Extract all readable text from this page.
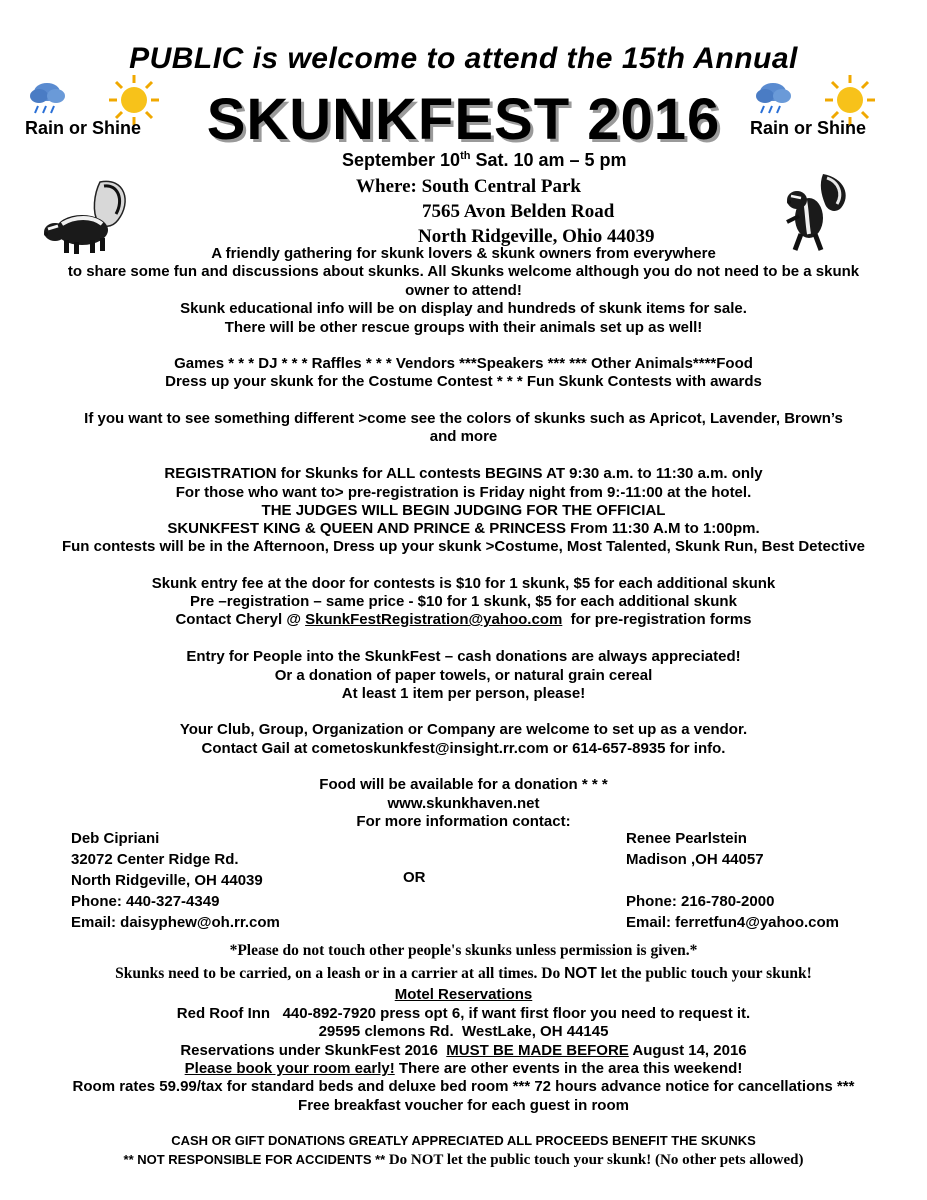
PUBLIC is welcome to attend the 15th Annual
SKUNKFEST 2016
Rain or Shine	Rain or Shine
September 10th Sat. 10 am – 5 pm
Where: South Central Park
7565 Avon Belden Road
North Ridgeville, Ohio 44039
A friendly gathering for skunk lovers & skunk owners from everywhere
to share some fun and discussions about skunks. All Skunks welcome although you do not need to be a skunk
owner to attend!
Skunk educational info will be on display and hundreds of skunk items for sale.
There will be other rescue groups with their animals set up as well!
Games * * * DJ * * * Raffles * * * Vendors ***Speakers *** *** Other Animals****Food
Dress up your skunk for the Costume Contest * * * Fun Skunk Contests with awards
If you want to see something different >come see the colors of skunks such as Apricot, Lavender, Brown’s
and more
REGISTRATION for Skunks for ALL contests BEGINS AT 9:30 a.m. to 11:30 a.m. only
For those who want to> pre-registration is Friday night from 9:-11:00 at the hotel.
THE JUDGES WILL BEGIN JUDGING FOR THE OFFICIAL
SKUNKFEST KING & QUEEN AND PRINCE & PRINCESS From 11:30 A.M to 1:00pm.
Fun contests will be in the Afternoon, Dress up your skunk >Costume, Most Talented, Skunk Run, Best Detective
Skunk entry fee at the door for contests is $10 for 1 skunk, $5 for each additional skunk
Pre –registration – same price - $10 for 1 skunk, $5 for each additional skunk
Contact Cheryl @ SkunkFestRegistration@yahoo.com  for pre-registration forms
Entry for People into the SkunkFest – cash donations are always appreciated!
Or a donation of paper towels, or natural grain cereal
At least 1 item per person, please!
Your Club, Group, Organization or Company are welcome to set up as a vendor.
Contact Gail at cometoskunkfest@insight.rr.com or 614-657-8935 for info.
Food will be available for a donation * * *
www.skunkhaven.net
For more information contact:
Deb Cipriani
32072 Center Ridge Rd.
North Ridgeville, OH 44039
Phone: 440-327-4349
Email: daisyphew@oh.rr.com
OR
Renee Pearlstein
Madison ,OH 44057
Phone: 216-780-2000
Email: ferretfun4@yahoo.com
*Please do not touch other people's skunks unless permission is given.*
Skunks need to be carried, on a leash or in a carrier at all times. Do NOT let the public touch your skunk!
Motel Reservations
Red Roof Inn   440-892-7920 press opt 6, if want first floor you need to request it.
29595 clemons Rd.  WestLake, OH 44145
Reservations under SkunkFest 2016  MUST BE MADE BEFORE August 14, 2016
Please book your room early! There are other events in the area this weekend!
Room rates 59.99/tax for standard beds and deluxe bed room *** 72 hours advance notice for cancellations ***
Free breakfast voucher for each guest in room
CASH OR GIFT DONATIONS GREATLY APPRECIATED ALL PROCEEDS BENEFIT THE SKUNKS
** NOT RESPONSIBLE FOR ACCIDENTS ** Do NOT let the public touch your skunk! (No other pets allowed)
